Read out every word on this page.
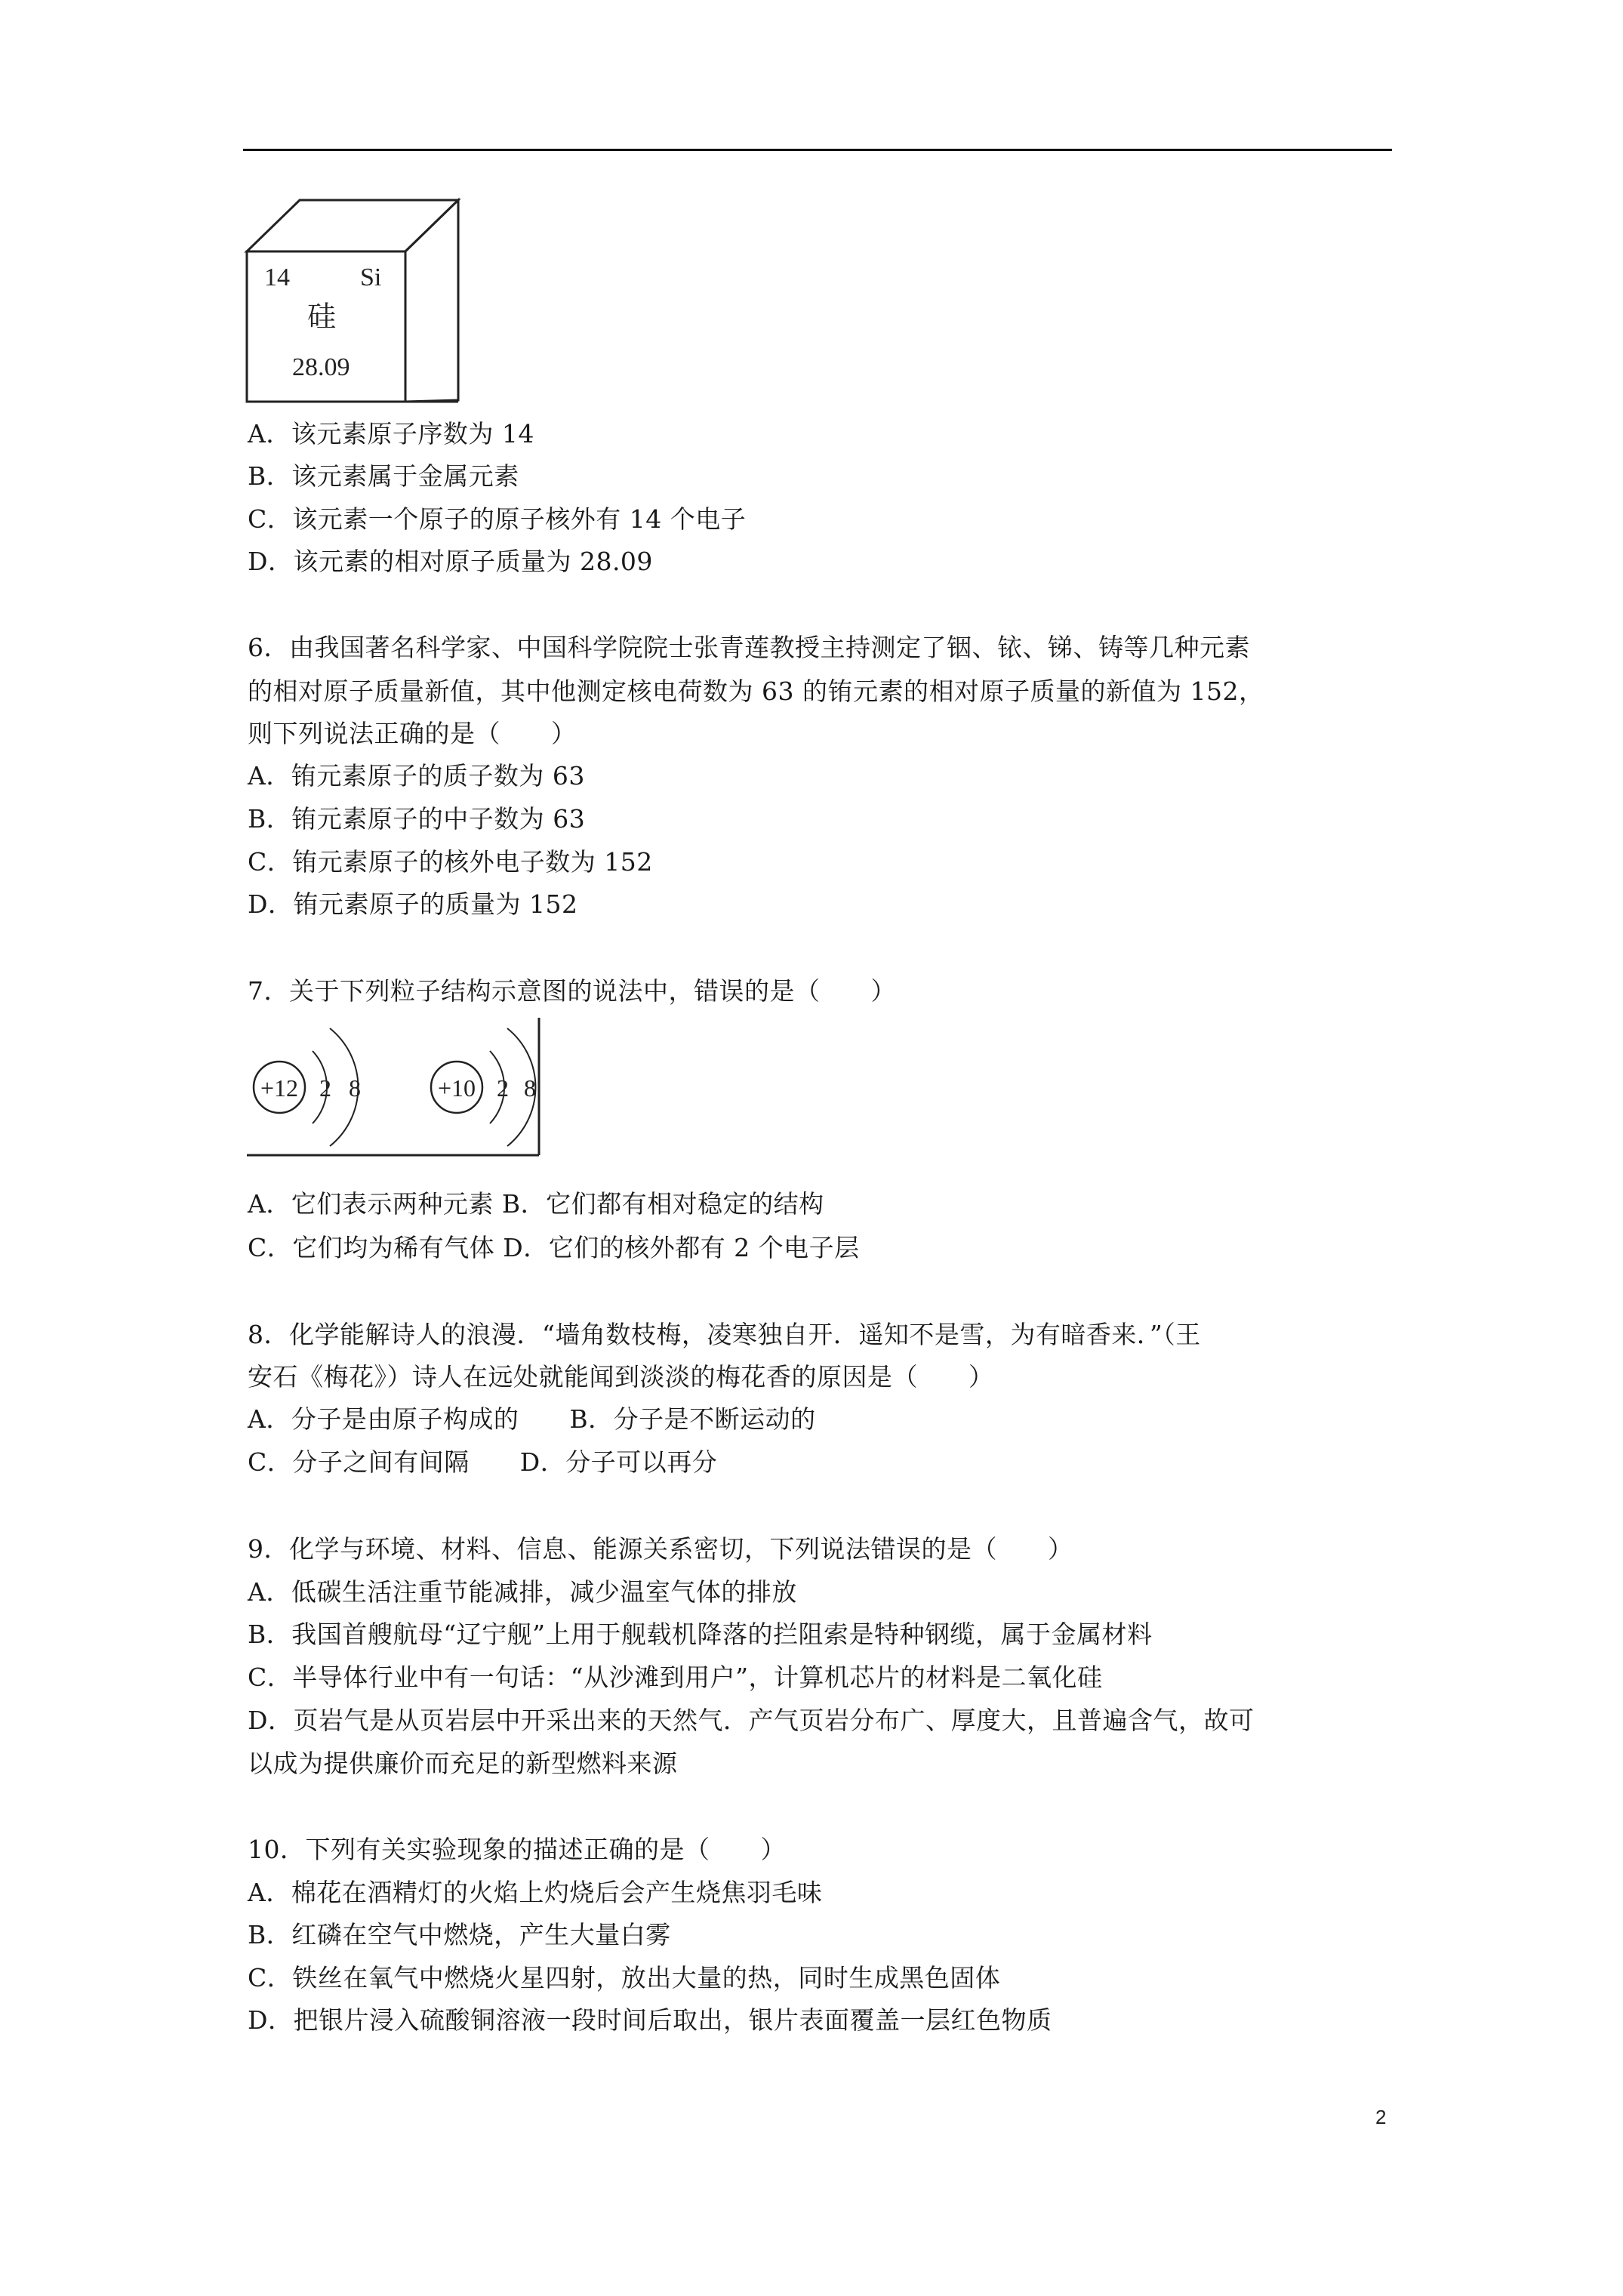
14	Si
硅
28.09
A．该元素原子序数为 14
B．该元素属于金属元素
C．该元素一个原子的原子核外有 14 个电子
D．该元素的相对原子质量为 28.09
6．由我国著名科学家、中国科学院院士张青莲教授主持测定了铟、铱、锑、铸等几种元素
的相对原子质量新值，其中他测定核电荷数为 63 的铕元素的相对原子质量的新值为 152，
则下列说法正确的是（　　）
A．铕元素原子的质子数为 63
B．铕元素原子的中子数为 63
C．铕元素原子的核外电子数为 152
D．铕元素原子的质量为 152
7．关于下列粒子结构示意图的说法中，错误的是（　　）
+12 2 8	+10 2 8
A．它们表示两种元素 B．它们都有相对稳定的结构
C．它们均为稀有气体 D．它们的核外都有 2 个电子层
8．化学能解诗人的浪漫．“墙角数枝梅，凌寒独自开．遥知不是雪，为有暗香来．”（王
安石《梅花》）诗人在远处就能闻到淡淡的梅花香的原因是（　　）
A．分子是由原子构成的　　B．分子是不断运动的
C．分子之间有间隔　　D．分子可以再分
9．化学与环境、材料、信息、能源关系密切，下列说法错误的是（　　）
A．低碳生活注重节能减排，减少温室气体的排放
B．我国首艘航母“辽宁舰”上用于舰载机降落的拦阻索是特种钢缆，属于金属材料
C．半导体行业中有一句话：“从沙滩到用户”，计算机芯片的材料是二氧化硅
D．页岩气是从页岩层中开采出来的天然气．产气页岩分布广、厚度大，且普遍含气，故可
以成为提供廉价而充足的新型燃料来源
10．下列有关实验现象的描述正确的是（　　）
A．棉花在酒精灯的火焰上灼烧后会产生烧焦羽毛味
B．红磷在空气中燃烧，产生大量白雾
C．铁丝在氧气中燃烧火星四射，放出大量的热，同时生成黑色固体
D．把银片浸入硫酸铜溶液一段时间后取出，银片表面覆盖一层红色物质
2
